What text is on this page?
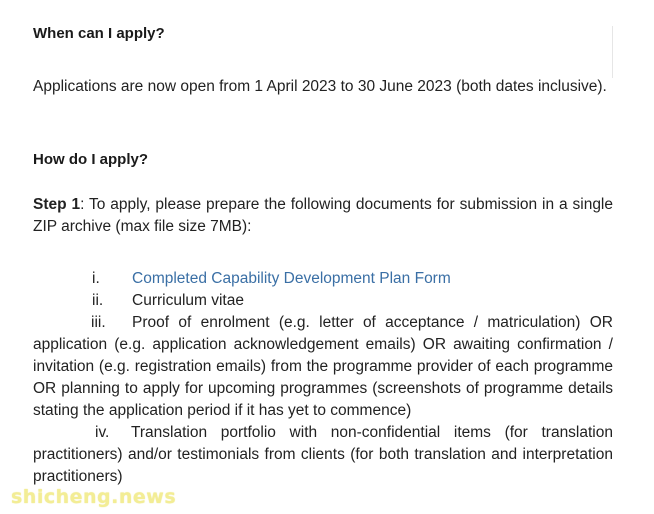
When can I apply?
Applications are now open from 1 April 2023 to 30 June 2023 (both dates inclusive).
How do I apply?
Step 1: To apply, please prepare the following documents for submission in a single ZIP archive (max file size 7MB):
i. Completed Capability Development Plan Form
ii. Curriculum vitae
iii. Proof of enrolment (e.g. letter of acceptance / matriculation) OR application (e.g. application acknowledgement emails) OR awaiting confirmation / invitation (e.g. registration emails) from the programme provider of each programme OR planning to apply for upcoming programmes (screenshots of programme details stating the application period if it has yet to commence)
iv. Translation portfolio with non-confidential items (for translation practitioners) and/or testimonials from clients (for both translation and interpretation practitioners)
shicheng.news
